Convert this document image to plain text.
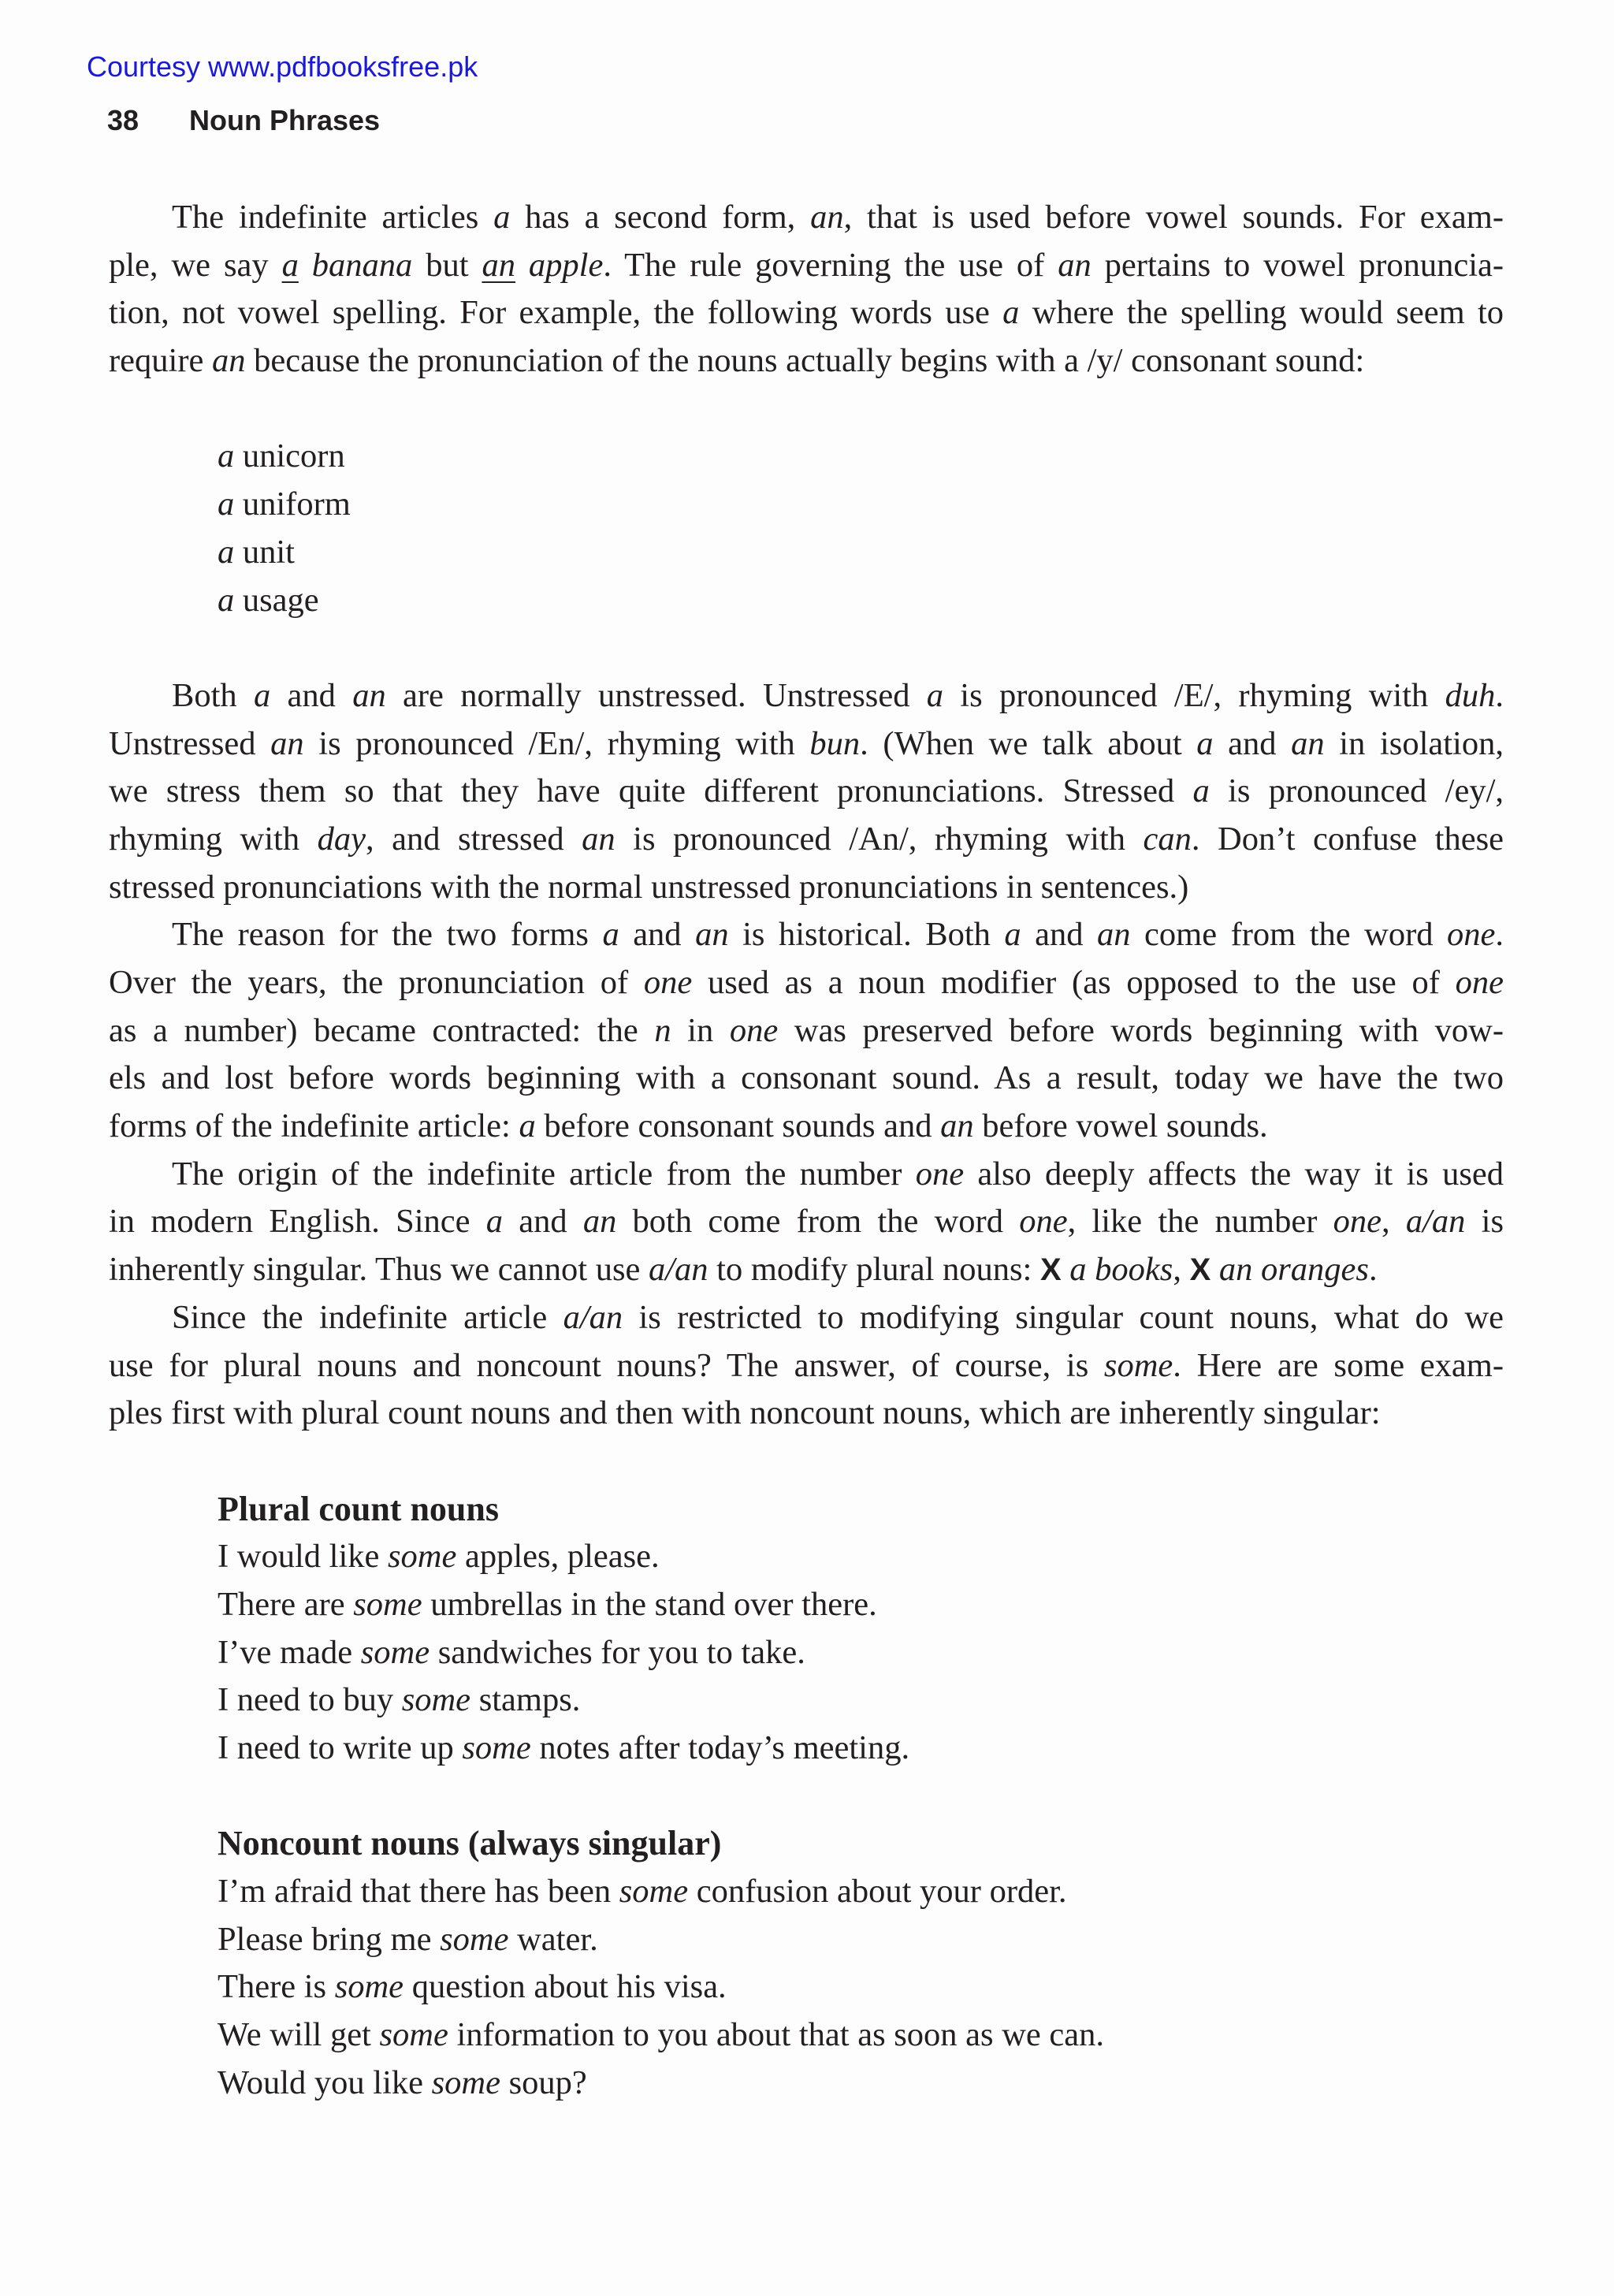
Courtesy www.pdfbooksfree.pk
38 Noun Phrases
The indefinite articles a has a second form, an, that is used before vowel sounds. For exam-
ple, we say a banana but an apple. The rule governing the use of an pertains to vowel pronuncia-
tion, not vowel spelling. For example, the following words use a where the spelling would seem to
require an because the pronunciation of the nouns actually begins with a /y/ consonant sound:
a unicorn
a uniform
a unit
a usage
Both a and an are normally unstressed. Unstressed a is pronounced /E/, rhyming with duh.
Unstressed an is pronounced /En/, rhyming with bun. (When we talk about a and an in isolation,
we stress them so that they have quite different pronunciations. Stressed a is pronounced /ey/,
rhyming with day, and stressed an is pronounced /An/, rhyming with can. Don’t confuse these
stressed pronunciations with the normal unstressed pronunciations in sentences.)
The reason for the two forms a and an is historical. Both a and an come from the word one.
Over the years, the pronunciation of one used as a noun modifier (as opposed to the use of one
as a number) became contracted: the n in one was preserved before words beginning with vow-
els and lost before words beginning with a consonant sound. As a result, today we have the two
forms of the indefinite article: a before consonant sounds and an before vowel sounds.
The origin of the indefinite article from the number one also deeply affects the way it is used
in modern English. Since a and an both come from the word one, like the number one, a/an is
inherently singular. Thus we cannot use a/an to modify plural nouns: X a books, X an oranges.
Since the indefinite article a/an is restricted to modifying singular count nouns, what do we
use for plural nouns and noncount nouns? The answer, of course, is some. Here are some exam-
ples first with plural count nouns and then with noncount nouns, which are inherently singular:
Plural count nouns
I would like some apples, please.
There are some umbrellas in the stand over there.
I’ve made some sandwiches for you to take.
I need to buy some stamps.
I need to write up some notes after today’s meeting.
Noncount nouns (always singular)
I’m afraid that there has been some confusion about your order.
Please bring me some water.
There is some question about his visa.
We will get some information to you about that as soon as we can.
Would you like some soup?
